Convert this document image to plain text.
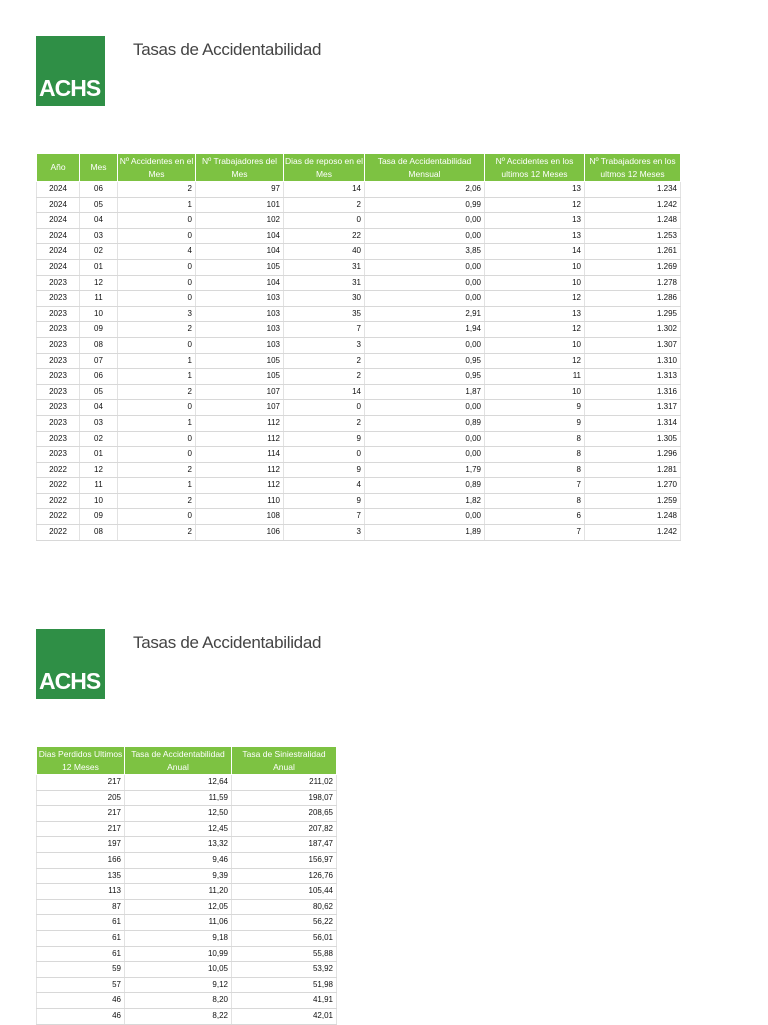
ACHS
Tasas de Accidentabilidad
Año	Mes	Nº Accidentes en el Mes	Nº Trabajadores del Mes	Dias de reposo en el Mes	Tasa de Accidentabilidad Mensual	Nº Accidentes en los ultimos 12 Meses	Nº Trabajadores en los ultmos 12 Meses
2024	06	2	97	14	2,06	13	1.234
2024	05	1	101	2	0,99	12	1.242
2024	04	0	102	0	0,00	13	1.248
2024	03	0	104	22	0,00	13	1.253
2024	02	4	104	40	3,85	14	1.261
2024	01	0	105	31	0,00	10	1.269
2023	12	0	104	31	0,00	10	1.278
2023	11	0	103	30	0,00	12	1.286
2023	10	3	103	35	2,91	13	1.295
2023	09	2	103	7	1,94	12	1.302
2023	08	0	103	3	0,00	10	1.307
2023	07	1	105	2	0,95	12	1.310
2023	06	1	105	2	0,95	11	1.313
2023	05	2	107	14	1,87	10	1.316
2023	04	0	107	0	0,00	9	1.317
2023	03	1	112	2	0,89	9	1.314
2023	02	0	112	9	0,00	8	1.305
2023	01	0	114	0	0,00	8	1.296
2022	12	2	112	9	1,79	8	1.281
2022	11	1	112	4	0,89	7	1.270
2022	10	2	110	9	1,82	8	1.259
2022	09	0	108	7	0,00	6	1.248
2022	08	2	106	3	1,89	7	1.242
ACHS
Tasas de Accidentabilidad
Dias Perdidos Ultimos 12 Meses	Tasa de Accidentabilidad Anual	Tasa de Siniestralidad Anual
217	12,64	211,02
205	11,59	198,07
217	12,50	208,65
217	12,45	207,82
197	13,32	187,47
166	9,46	156,97
135	9,39	126,76
113	11,20	105,44
87	12,05	80,62
61	11,06	56,22
61	9,18	56,01
61	10,99	55,88
59	10,05	53,92
57	9,12	51,98
46	8,20	41,91
46	8,22	42,01
